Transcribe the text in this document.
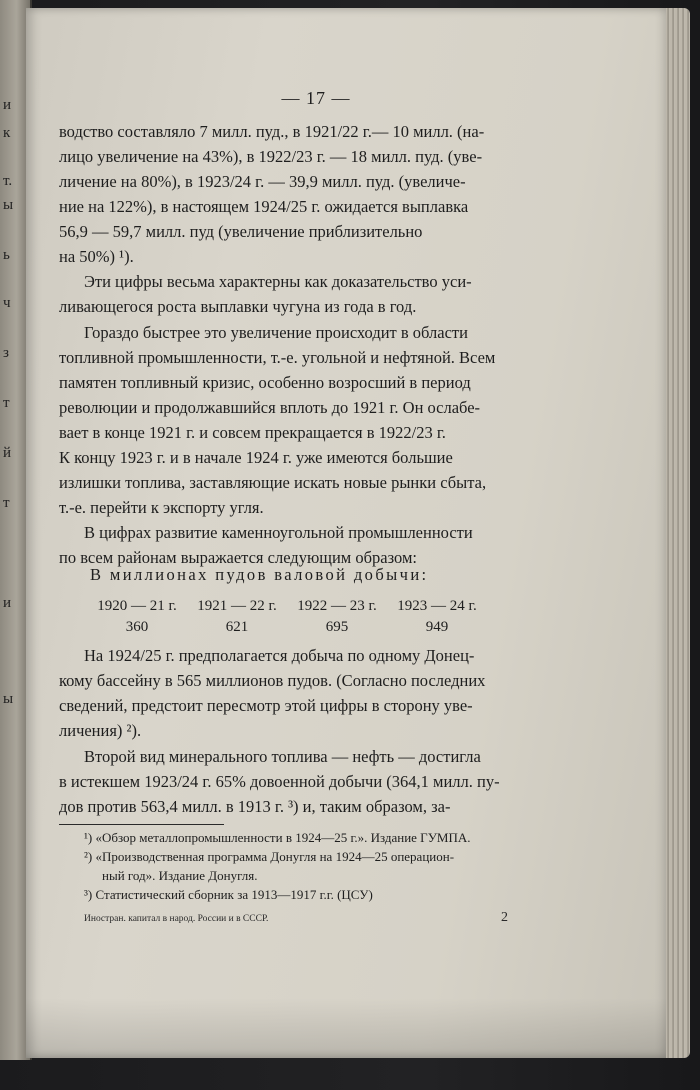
и
к
т.
ы
ь
ч
з
т
й
т
и
ы
— 17 —
водство составляло 7 милл. пуд., в 1921/22 г.— 10 милл. (на-
лицо увеличение на 43%), в 1922/23 г. — 18 милл. пуд. (уве-
личение на 80%), в 1923/24 г. — 39,9 милл. пуд. (увеличе-
ние на 122%), в настоящем 1924/25 г. ожидается выплавка
56,9 — 59,7 милл. пуд (увеличение приблизительно
на 50%) ¹).
Эти цифры весьма характерны как доказательство уси-
ливающегося роста выплавки чугуна из года в год.
Гораздо быстрее это увеличение происходит в области
топливной промышленности, т.-е. угольной и нефтяной. Всем
памятен топливный кризис, особенно возросший в период
революции и продолжавшийся вплоть до 1921 г. Он ослабе-
вает в конце 1921 г. и совсем прекращается в 1922/23 г.
К концу 1923 г. и в начале 1924 г. уже имеются большие
излишки топлива, заставляющие искать новые рынки сбыта,
т.-е. перейти к экспорту угля.
В цифрах развитие каменноугольной промышленности
по всем районам выражается следующим образом:
В миллионах пудов валовой добычи:
1920 — 21 г.	1921 — 22 г.	1922 — 23 г.	1923 — 24 г.
360	621	695	949
На 1924/25 г. предполагается добыча по одному Донец-
кому бассейну в 565 миллионов пудов. (Согласно последних
сведений, предстоит пересмотр этой цифры в сторону уве-
личения) ²).
Второй вид минерального топлива — нефть — достигла
в истекшем 1923/24 г. 65% довоенной добычи (364,1 милл. пу-
дов против 563,4 милл. в 1913 г. ³) и, таким образом, за-
¹) «Обзор металлопромышленности в 1924—25 г.». Издание ГУМПА.
²) «Производственная программа Донугля на 1924—25 операцион-
ный год». Издание Донугля.
³) Статистический сборник за 1913—1917 г.г. (ЦСУ)
Иностран. капитал в народ. России и в СССР.	2
